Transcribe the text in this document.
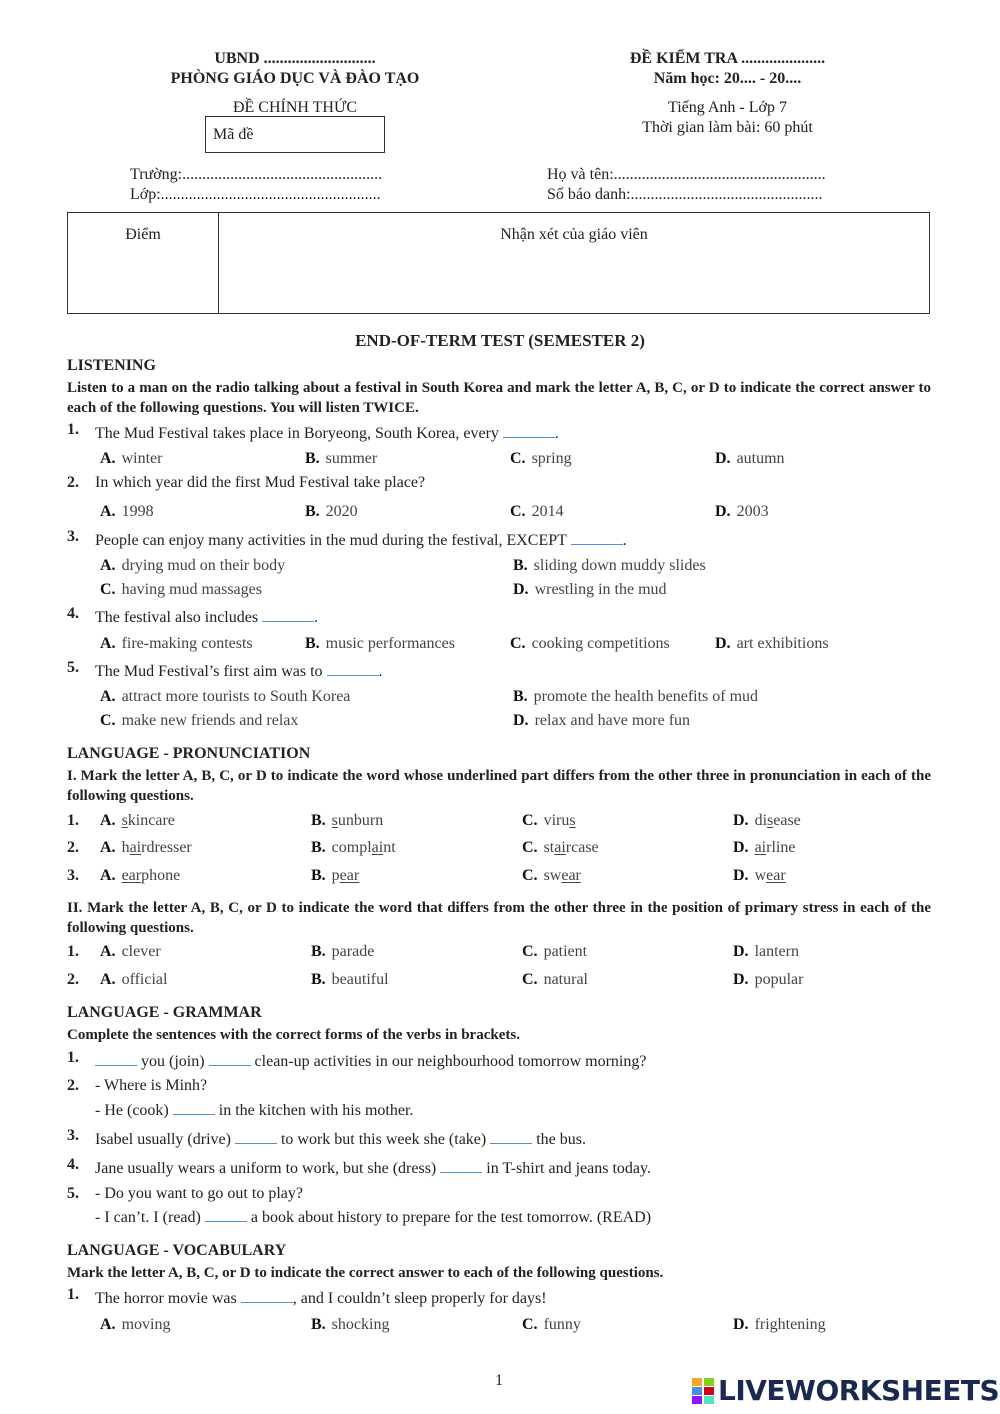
UBND ............................
PHÒNG GIÁO DỤC VÀ ĐÀO TẠO
ĐỀ CHÍNH THỨC
Mã đề
ĐỀ KIỂM TRA .....................
Năm học: 20.... - 20....
Tiếng Anh - Lớp 7
Thời gian làm bài: 60 phút
Trường:..................................................
Lớp:.......................................................
Họ và tên:.....................................................
Số báo danh:................................................
Điểm	Nhận xét của giáo viên
END-OF-TERM TEST (SEMESTER 2)
LISTENING
Listen to a man on the radio talking about a festival in South Korea and mark the letter A, B, C, or D to indicate the correct answer to each of the following questions. You will listen TWICE.
1. The Mud Festival takes place in Boryeong, South Korea, every	.
A. winter	B. summer	C. spring	D. autumn
2. In which year did the first Mud Festival take place?
A. 1998	B. 2020	C. 2014	D. 2003
3. People can enjoy many activities in the mud during the festival, EXCEPT	.
A. drying mud on their body	B. sliding down muddy slides
C. having mud massages	D. wrestling in the mud
4. The festival also includes	.
A. fire-making contests	B. music performances	C. cooking competitions	D. art exhibitions
5. The Mud Festival’s first aim was to	.
A. attract more tourists to South Korea	B. promote the health benefits of mud
C. make new friends and relax	D. relax and have more fun
LANGUAGE - PRONUNCIATION
I. Mark the letter A, B, C, or D to indicate the word whose underlined part differs from the other three in pronunciation in each of the following questions.
1. A. skincare	B. sunburn	C. virus	D. disease
2. A. hairdresser	B. complaint	C. staircase	D. airline
3. A. earphone	B. pear	C. swear	D. wear
II. Mark the letter A, B, C, or D to indicate the word that differs from the other three in the position of primary stress in each of the following questions.
1. A. clever	B. parade	C. patient	D. lantern
2. A. official	B. beautiful	C. natural	D. popular
LANGUAGE - GRAMMAR
Complete the sentences with the correct forms of the verbs in brackets.
1.	you (join)	clean-up activities in our neighbourhood tomorrow morning?
2. - Where is Minh?
- He (cook)	in the kitchen with his mother.
3. Isabel usually (drive)	to work but this week she (take)	the bus.
4. Jane usually wears a uniform to work, but she (dress)	in T-shirt and jeans today.
5. - Do you want to go out to play?
- I can’t. I (read)	a book about history to prepare for the test tomorrow. (READ)
LANGUAGE - VOCABULARY
Mark the letter A, B, C, or D to indicate the correct answer to each of the following questions.
1. The horror movie was	, and I couldn’t sleep properly for days!
A. moving	B. shocking	C. funny	D. frightening
1	LIVEWORKSHEETS
